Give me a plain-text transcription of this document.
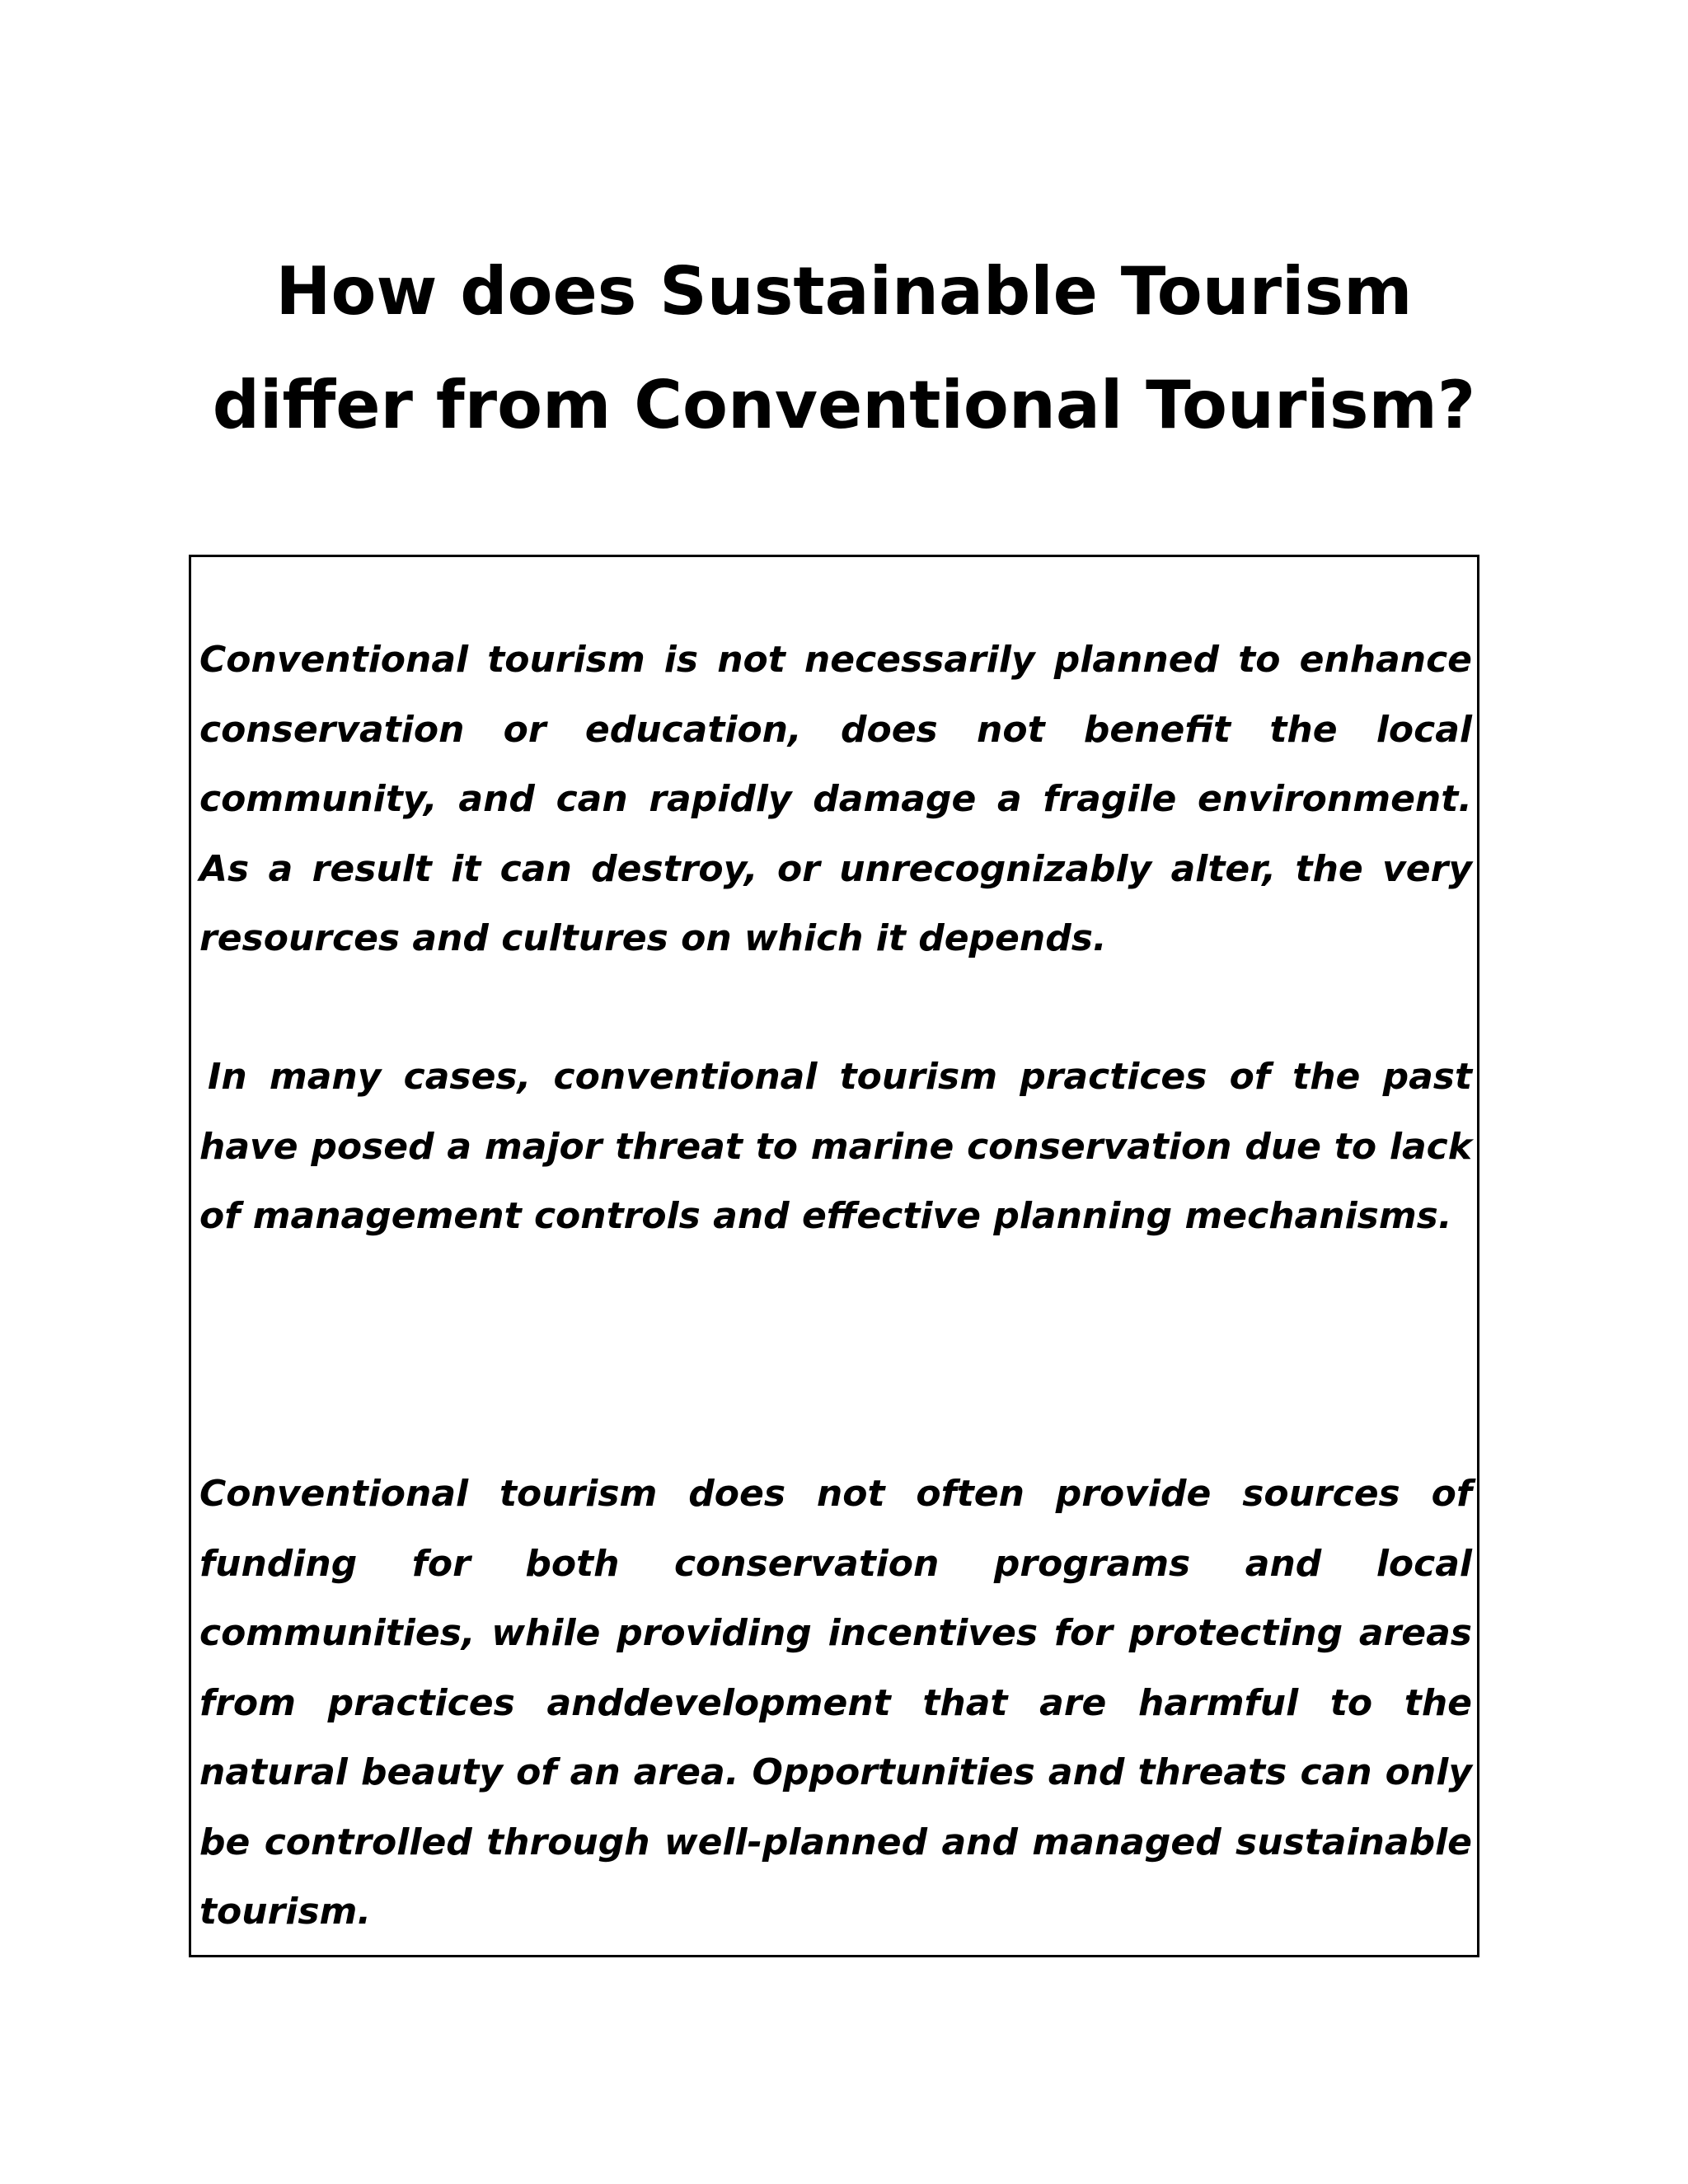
How does Sustainable Tourism
differ from Conventional Tourism?

Conventional tourism is not necessarily planned to enhance conservation or education, does not benefit the local community, and can rapidly damage a fragile environment. As a result it can destroy, or unrecognizably alter, the very resources and cultures on which it depends.

In many cases, conventional tourism practices of the past have posed a major threat to marine conservation due to lack of management controls and effective planning mechanisms.

Conventional tourism does not often provide sources of funding for both conservation programs and local communities, while providing incentives for protecting areas from practices anddevelopment that are harmful to the natural beauty of an area. Opportunities and threats can only be controlled through well-planned and managed sustainable tourism.
